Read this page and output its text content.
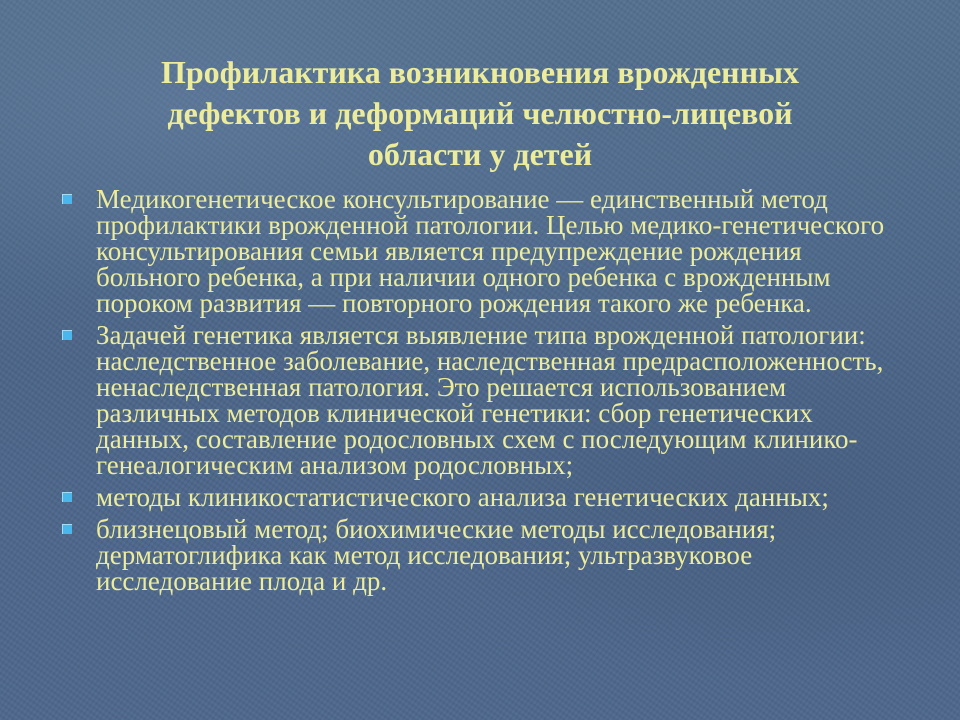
Профилактика возникновения врожденных
дефектов и деформаций челюстно-лицевой
области у детей
Медикогенетическое консультирование — единственный метод профилактики врожденной патологии. Целью медико-генетического консультирования семьи является предупреждение рождения больного ребенка, а при наличии одного ребенка с врожденным пороком развития — повторного рождения такого же ребенка.
Задачей генетика является выявление типа врожденной патологии: наследственное заболевание, наследственная предрасположенность, ненаследственная патология. Это решается использованием различных методов клинической генетики: сбор генетических данных, составление родословных схем с последующим клинико-генеалогическим анализом родословных;
методы клиникостатистического анализа генетических данных;
близнецовый метод; биохимические методы исследования; дерматоглифика как метод исследования; ультразвуковое исследование плода и др.
